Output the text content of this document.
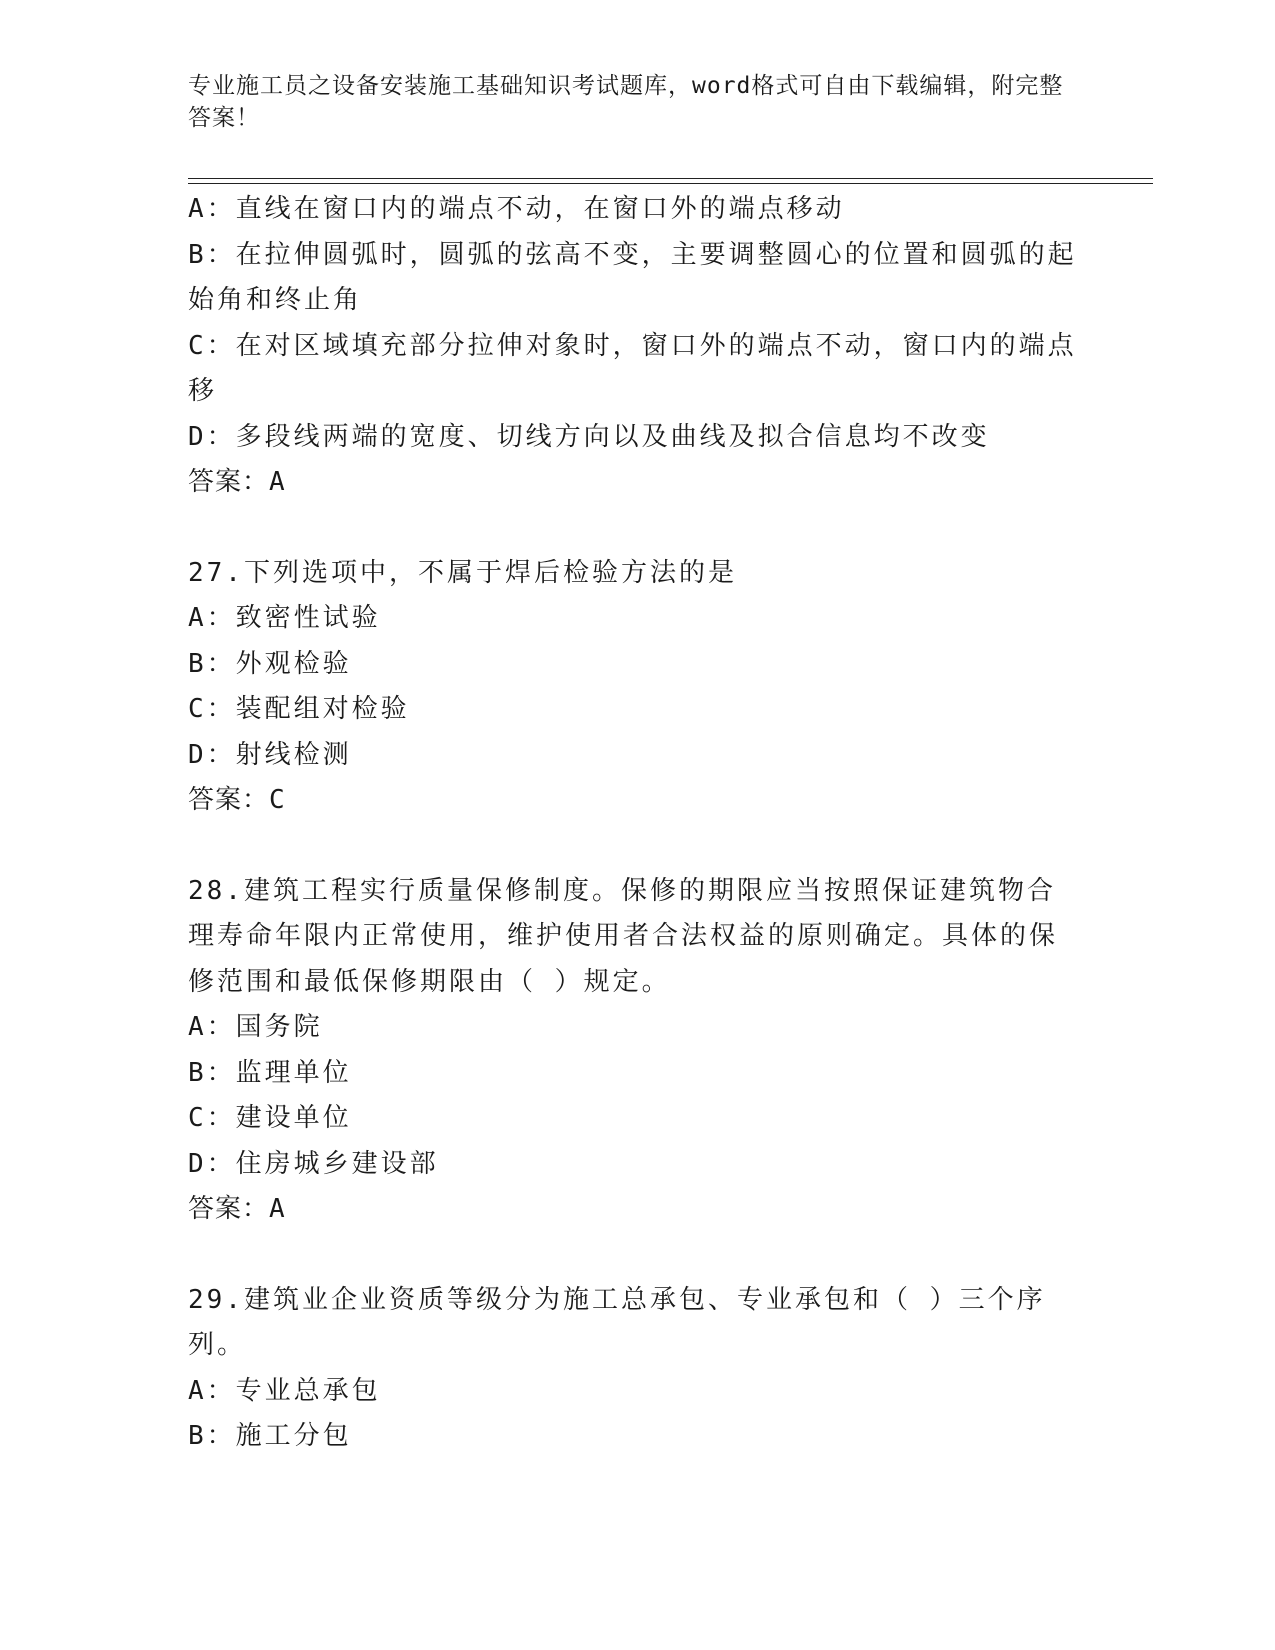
专业施工员之设备安装施工基础知识考试题库，word格式可自由下载编辑，附完整答案！
A：直线在窗口内的端点不动，在窗口外的端点移动
B：在拉伸圆弧时，圆弧的弦高不变，主要调整圆心的位置和圆弧的起始角和终止角
C：在对区域填充部分拉伸对象时，窗口外的端点不动，窗口内的端点移
D：多段线两端的宽度、切线方向以及曲线及拟合信息均不改变
答案：A
27.下列选项中，不属于焊后检验方法的是
A：致密性试验
B：外观检验
C：装配组对检验
D：射线检测
答案：C
28.建筑工程实行质量保修制度。保修的期限应当按照保证建筑物合理寿命年限内正常使用，维护使用者合法权益的原则确定。具体的保修范围和最低保修期限由（ ）规定。
A：国务院
B：监理单位
C：建设单位
D：住房城乡建设部
答案：A
29.建筑业企业资质等级分为施工总承包、专业承包和（ ）三个序列。
A：专业总承包
B：施工分包
